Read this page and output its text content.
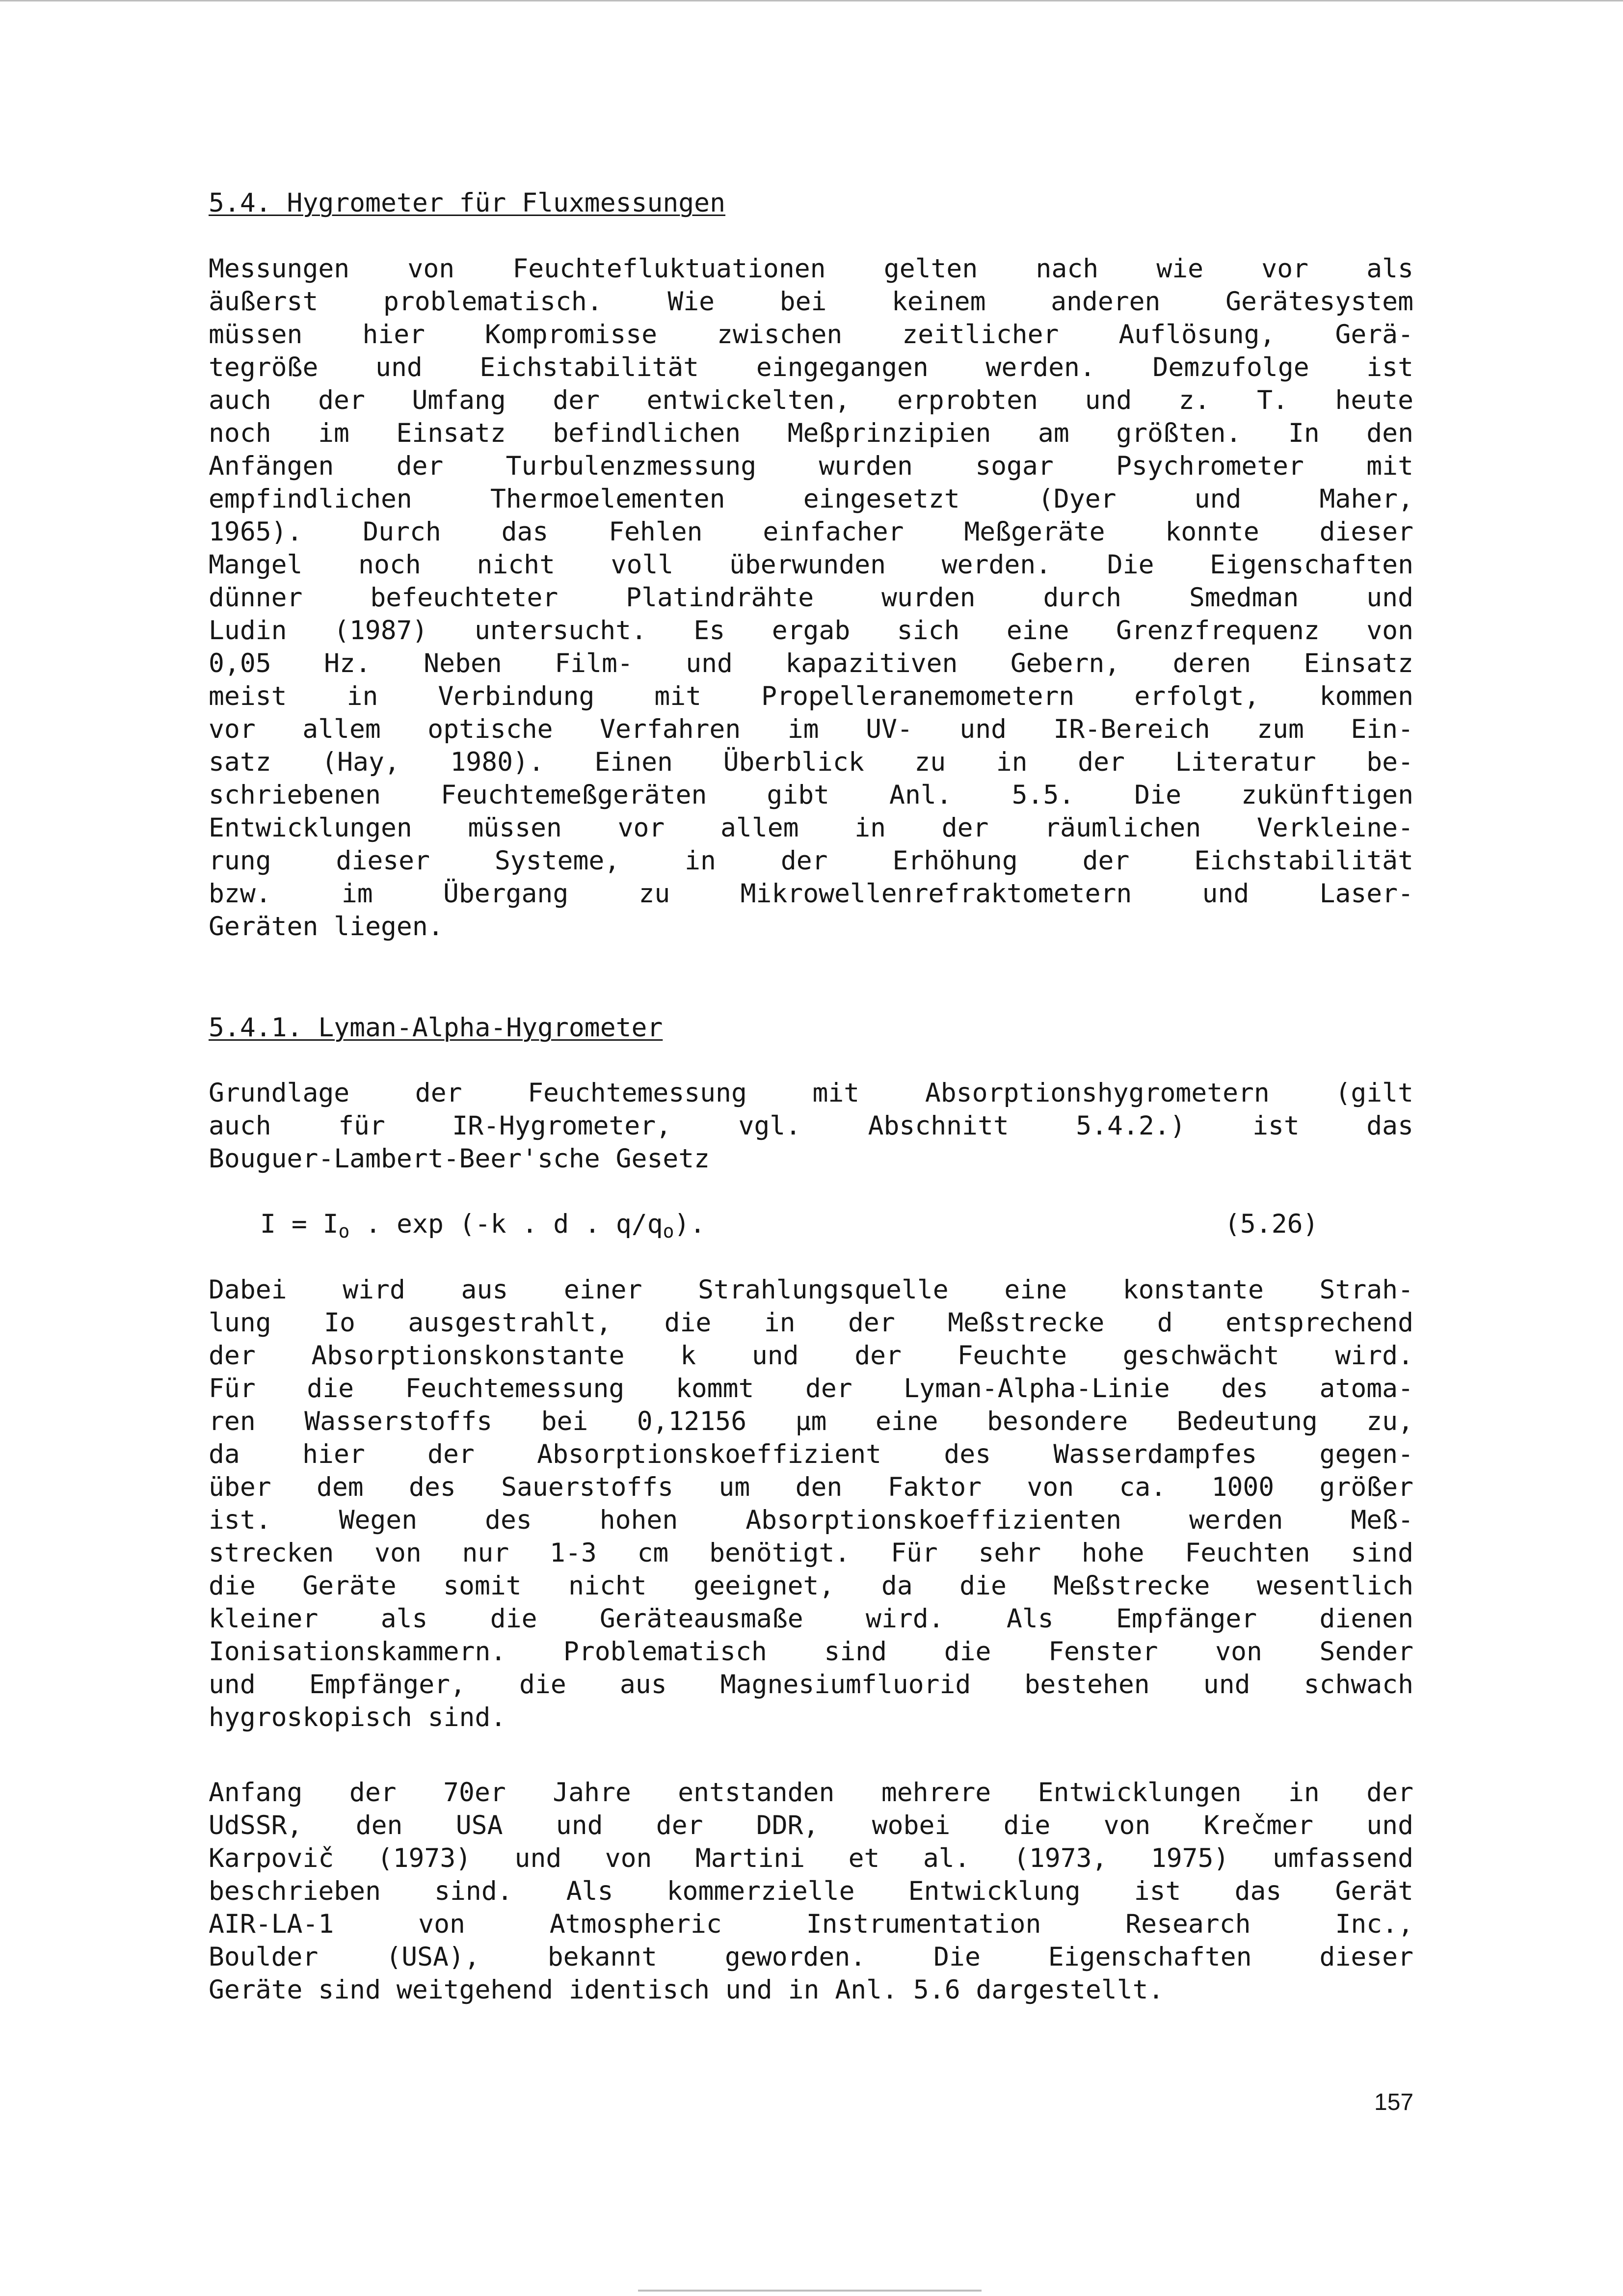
5.4. Hygrometer für Fluxmessungen
Messungen von Feuchtefluktuationen gelten nach wie vor als
äußerst problematisch. Wie bei keinem anderen Gerätesystem
müssen hier Kompromisse zwischen zeitlicher Auflösung, Gerä-
tegröße und Eichstabilität eingegangen werden. Demzufolge ist
auch der Umfang der entwickelten, erprobten und z. T. heute
noch im Einsatz befindlichen Meßprinzipien am größten. In den
Anfängen der Turbulenzmessung wurden sogar Psychrometer mit
empfindlichen Thermoelementen eingesetzt (Dyer und Maher,
1965). Durch das Fehlen einfacher Meßgeräte konnte dieser
Mangel noch nicht voll überwunden werden. Die Eigenschaften
dünner befeuchteter Platindrähte wurden durch Smedman und
Ludin (1987) untersucht. Es ergab sich eine Grenzfrequenz von
0,05 Hz. Neben Film- und kapazitiven Gebern, deren Einsatz
meist in Verbindung mit Propelleranemometern erfolgt, kommen
vor allem optische Verfahren im UV- und IR-Bereich zum Ein-
satz (Hay, 1980). Einen Überblick zu in der Literatur be-
schriebenen Feuchtemeßgeräten gibt Anl. 5.5. Die zukünftigen
Entwicklungen müssen vor allem in der räumlichen Verkleine-
rung dieser Systeme, in der Erhöhung der Eichstabilität
bzw. im Übergang zu Mikrowellenrefraktometern und Laser-
Geräten liegen.
5.4.1. Lyman-Alpha-Hygrometer
Grundlage der Feuchtemessung mit Absorptionshygrometern (gilt
auch für IR-Hygrometer, vgl. Abschnitt 5.4.2.) ist das
Bouguer-Lambert-Beer'sche Gesetz
$I = I_o$ . exp (-k . d . $q/q_o$).	(5.26)
Dabei wird aus einer Strahlungsquelle eine konstante Strah-
lung Io ausgestrahlt, die in der Meßstrecke d entsprechend
der Absorptionskonstante k und der Feuchte geschwächt wird.
Für die Feuchtemessung kommt der Lyman-Alpha-Linie des atoma-
ren Wasserstoffs bei 0,12156 µm eine besondere Bedeutung zu,
da hier der Absorptionskoeffizient des Wasserdampfes gegen-
über dem des Sauerstoffs um den Faktor von ca. 1000 größer
ist. Wegen des hohen Absorptionskoeffizienten werden Meß-
strecken von nur 1-3 cm benötigt. Für sehr hohe Feuchten sind
die Geräte somit nicht geeignet, da die Meßstrecke wesentlich
kleiner als die Geräteausmaße wird. Als Empfänger dienen
Ionisationskammern. Problematisch sind die Fenster von Sender
und Empfänger, die aus Magnesiumfluorid bestehen und schwach
hygroskopisch sind.
Anfang der 70er Jahre entstanden mehrere Entwicklungen in der
UdSSR, den USA und der DDR, wobei die von Krečmer und
Karpovič (1973) und von Martini et al. (1973, 1975) umfassend
beschrieben sind. Als kommerzielle Entwicklung ist das Gerät
AIR-LA-1 von Atmospheric Instrumentation Research Inc.,
Boulder (USA), bekannt geworden. Die Eigenschaften dieser
Geräte sind weitgehend identisch und in Anl. 5.6 dargestellt.
157
